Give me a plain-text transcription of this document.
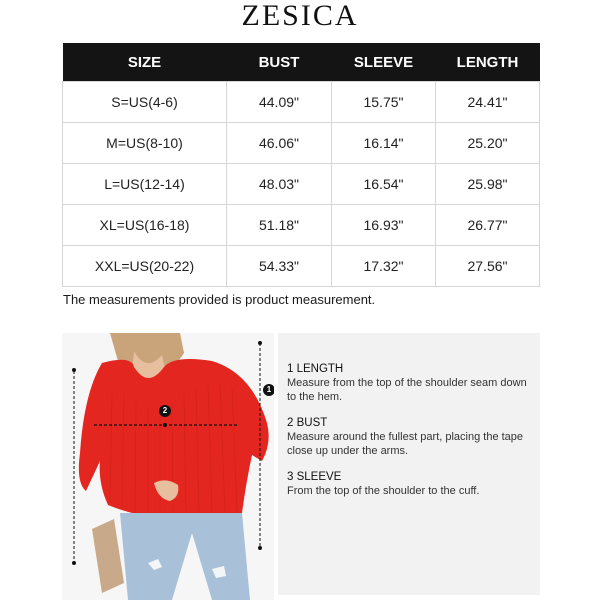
ZESICA
SIZE	BUST	SLEEVE	LENGTH
S=US(4-6)	44.09"	15.75"	24.41"
M=US(8-10)	46.06"	16.14"	25.20"
L=US(12-14)	48.03"	16.54"	25.98"
XL=US(16-18)	51.18"	16.93"	26.77"
XXL=US(20-22)	54.33"	17.32"	27.56"
The measurements provided is product measurement.
2
1
1 LENGTH
Measure from the top of the shoulder seam down to the hem.
2 BUST
Measure around the fullest part, placing the tape close up under the arms.
3 SLEEVE
From the top of the shoulder to the cuff.
